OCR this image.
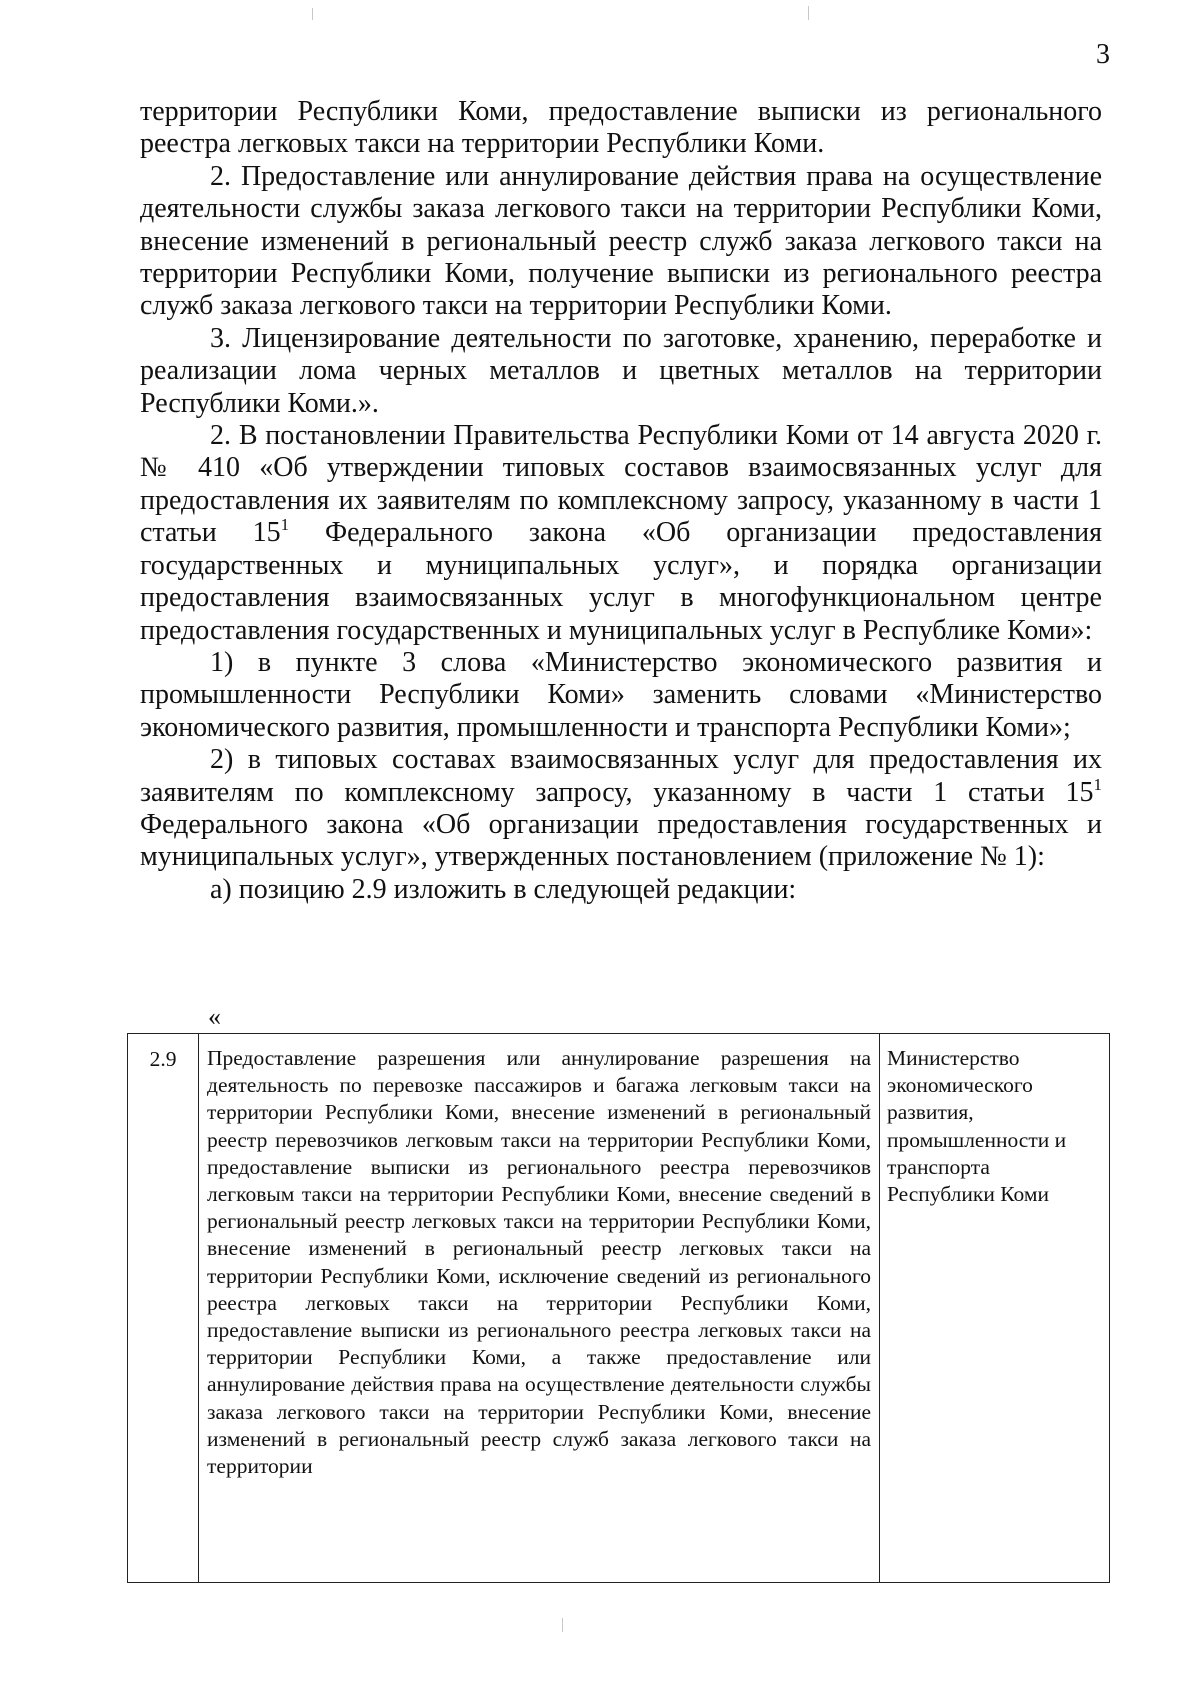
3

территории Республики Коми, предоставление выписки из регионального реестра легковых такси на территории Республики Коми.

2. Предоставление или аннулирование действия права на осуществление деятельности службы заказа легкового такси на территории Республики Коми, внесение изменений в региональный реестр служб заказа легкового такси на территории Республики Коми, получение выписки из регионального реестра служб заказа легкового такси на территории Республики Коми.

3. Лицензирование деятельности по заготовке, хранению, переработке и реализации лома черных металлов и цветных металлов на территории Республики Коми.».

2. В постановлении Правительства Республики Коми от 14 августа 2020 г. № 410 «Об утверждении типовых составов взаимосвязанных услуг для предоставления их заявителям по комплексному запросу, указанному в части 1 статьи $15^1$ Федерального закона «Об организации предоставления государственных и муниципальных услуг», и порядка организации предоставления взаимосвязанных услуг в многофункциональном центре предоставления государственных и муниципальных услуг в Республике Коми»:

1) в пункте 3 слова «Министерство экономического развития и промышленности Республики Коми» заменить словами «Министерство экономического развития, промышленности и транспорта Республики Коми»;

2) в типовых составах взаимосвязанных услуг для предоставления их заявителям по комплексному запросу, указанному в части 1 статьи $15^1$ Федерального закона «Об организации предоставления государственных и муниципальных услуг», утвержденных постановлением (приложение № 1):

а) позицию 2.9 изложить в следующей редакции:

«
2.9	Предоставление разрешения или аннулирование разрешения на деятельность по перевозке пассажиров и багажа легковым такси на территории Республики Коми, внесение изменений в региональный реестр перевозчиков легковым такси на территории Республики Коми, предоставление выписки из регионального реестра перевозчиков легковым такси на территории Республики Коми, внесение сведений в региональный реестр легковых такси на территории Республики Коми, внесение изменений в региональный реестр легковых такси на территории Республики Коми, исключение сведений из регионального реестра легковых такси на территории Республики Коми, предоставление выписки из регионального реестра легковых такси на территории Республики Коми, а также предоставление или аннулирование действия права на осуществление деятельности службы заказа легкового такси на территории Республики Коми, внесение изменений в региональный реестр служб заказа легкового такси на территории	Министерство экономического развития, промышленности и транспорта Республики Коми
